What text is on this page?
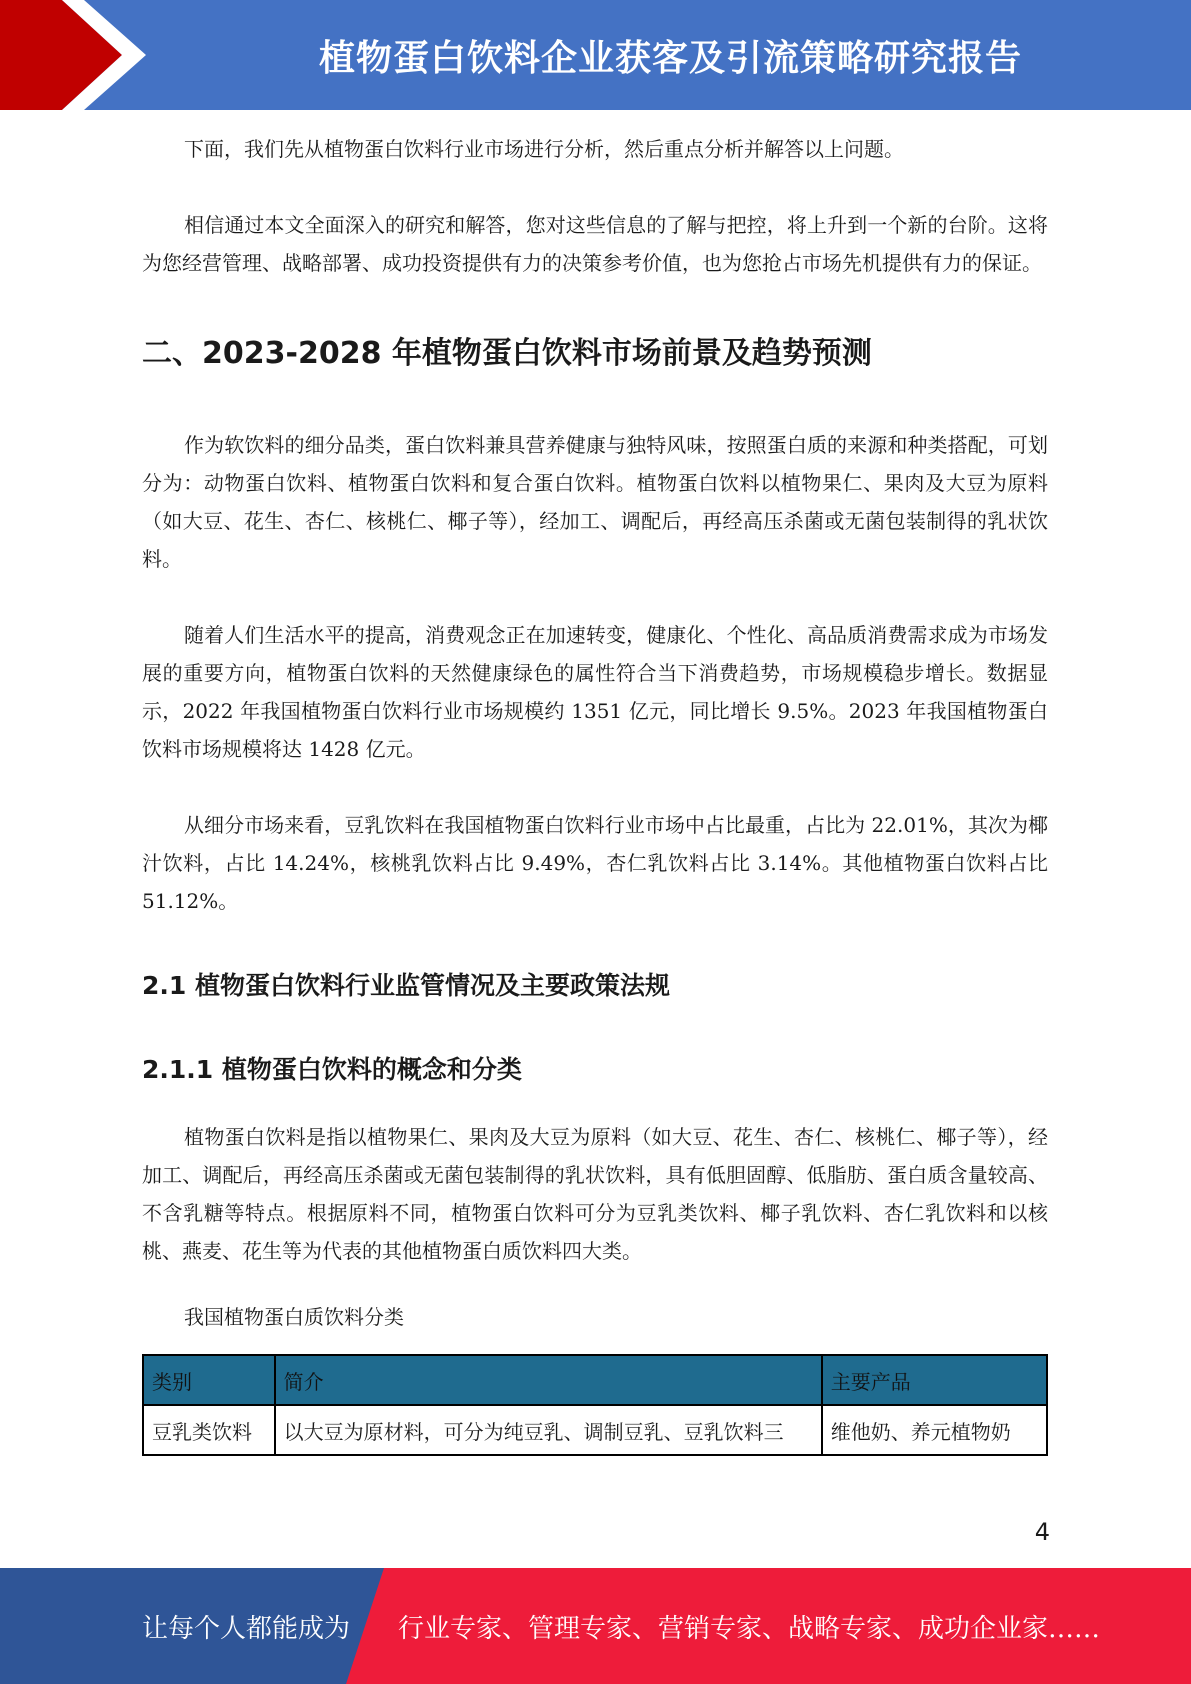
植物蛋白饮料企业获客及引流策略研究报告

下面，我们先从植物蛋白饮料行业市场进行分析，然后重点分析并解答以上问题。

相信通过本文全面深入的研究和解答，您对这些信息的了解与把控，将上升到一个新的台阶。这将为您经营管理、战略部署、成功投资提供有力的决策参考价值，也为您抢占市场先机提供有力的保证。

二、2023-2028 年植物蛋白饮料市场前景及趋势预测

作为软饮料的细分品类，蛋白饮料兼具营养健康与独特风味，按照蛋白质的来源和种类搭配，可划分为：动物蛋白饮料、植物蛋白饮料和复合蛋白饮料。植物蛋白饮料以植物果仁、果肉及大豆为原料（如大豆、花生、杏仁、核桃仁、椰子等），经加工、调配后，再经高压杀菌或无菌包装制得的乳状饮料。

随着人们生活水平的提高，消费观念正在加速转变，健康化、个性化、高品质消费需求成为市场发展的重要方向，植物蛋白饮料的天然健康绿色的属性符合当下消费趋势，市场规模稳步增长。数据显示，2022 年我国植物蛋白饮料行业市场规模约 1351 亿元，同比增长 9.5%。2023 年我国植物蛋白饮料市场规模将达 1428 亿元。

从细分市场来看，豆乳饮料在我国植物蛋白饮料行业市场中占比最重，占比为 22.01%，其次为椰汁饮料，占比 14.24%，核桃乳饮料占比 9.49%，杏仁乳饮料占比 3.14%。其他植物蛋白饮料占比 51.12%。

2.1 植物蛋白饮料行业监管情况及主要政策法规
2.1.1 植物蛋白饮料的概念和分类

植物蛋白饮料是指以植物果仁、果肉及大豆为原料（如大豆、花生、杏仁、核桃仁、椰子等），经加工、调配后，再经高压杀菌或无菌包装制得的乳状饮料，具有低胆固醇、低脂肪、蛋白质含量较高、不含乳糖等特点。根据原料不同，植物蛋白饮料可分为豆乳类饮料、椰子乳饮料、杏仁乳饮料和以核桃、燕麦、花生等为代表的其他植物蛋白质饮料四大类。

我国植物蛋白质饮料分类

类别	简介	主要产品
豆乳类饮料	以大豆为原材料，可分为纯豆乳、调制豆乳、豆乳饮料三	维他奶、养元植物奶
4
让每个人都能成为 行业专家、管理专家、营销专家、战略专家、成功企业家……
